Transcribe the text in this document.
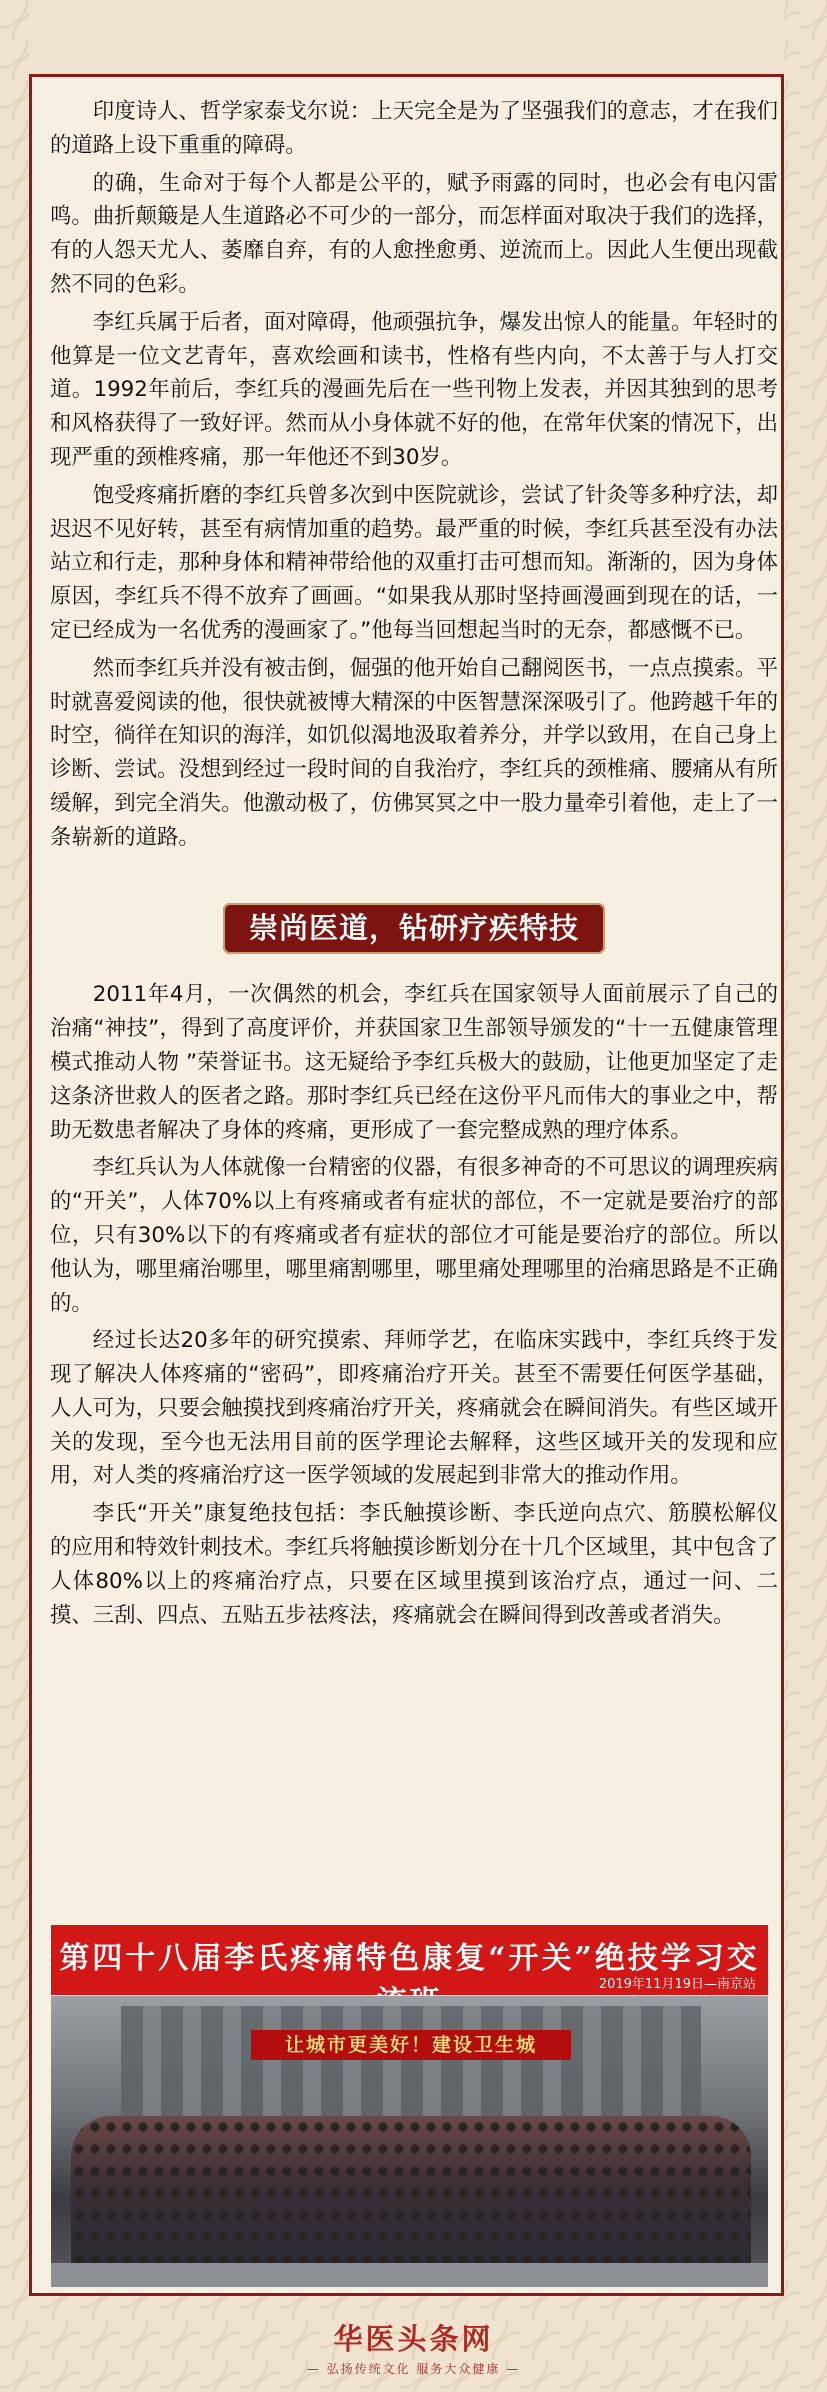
印度诗人、哲学家泰戈尔说：上天完全是为了坚强我们的意志，才在我们的道路上设下重重的障碍。

的确，生命对于每个人都是公平的，赋予雨露的同时，也必会有电闪雷鸣。曲折颠簸是人生道路必不可少的一部分，而怎样面对取决于我们的选择，有的人怨天尤人、萎靡自弃，有的人愈挫愈勇、逆流而上。因此人生便出现截然不同的色彩。

李红兵属于后者，面对障碍，他顽强抗争，爆发出惊人的能量。年轻时的他算是一位文艺青年，喜欢绘画和读书，性格有些内向，不太善于与人打交道。1992年前后，李红兵的漫画先后在一些刊物上发表，并因其独到的思考和风格获得了一致好评。然而从小身体就不好的他，在常年伏案的情况下，出现严重的颈椎疼痛，那一年他还不到30岁。

饱受疼痛折磨的李红兵曾多次到中医院就诊，尝试了针灸等多种疗法，却迟迟不见好转，甚至有病情加重的趋势。最严重的时候，李红兵甚至没有办法站立和行走，那种身体和精神带给他的双重打击可想而知。渐渐的，因为身体原因，李红兵不得不放弃了画画。“如果我从那时坚持画漫画到现在的话，一定已经成为一名优秀的漫画家了。”他每当回想起当时的无奈，都感慨不已。

然而李红兵并没有被击倒，倔强的他开始自己翻阅医书，一点点摸索。平时就喜爱阅读的他，很快就被博大精深的中医智慧深深吸引了。他跨越千年的时空，徜徉在知识的海洋，如饥似渴地汲取着养分，并学以致用，在自己身上诊断、尝试。没想到经过一段时间的自我治疗，李红兵的颈椎痛、腰痛从有所缓解，到完全消失。他激动极了，仿佛冥冥之中一股力量牵引着他，走上了一条崭新的道路。

崇尚医道，钻研疗疾特技

2011年4月，一次偶然的机会，李红兵在国家领导人面前展示了自己的治痛“神技”，得到了高度评价，并获国家卫生部领导颁发的“十一五健康管理模式推动人物 ”荣誉证书。这无疑给予李红兵极大的鼓励，让他更加坚定了走这条济世救人的医者之路。那时李红兵已经在这份平凡而伟大的事业之中，帮助无数患者解决了身体的疼痛，更形成了一套完整成熟的理疗体系。

李红兵认为人体就像一台精密的仪器，有很多神奇的不可思议的调理疾病的“开关”，人体70%以上有疼痛或者有症状的部位，不一定就是要治疗的部位，只有30%以下的有疼痛或者有症状的部位才可能是要治疗的部位。所以他认为，哪里痛治哪里，哪里痛割哪里，哪里痛处理哪里的治痛思路是不正确的。

经过长达20多年的研究摸索、拜师学艺，在临床实践中，李红兵终于发现了解决人体疼痛的“密码”，即疼痛治疗开关。甚至不需要任何医学基础，人人可为，只要会触摸找到疼痛治疗开关，疼痛就会在瞬间消失。有些区域开关的发现，至今也无法用目前的医学理论去解释，这些区域开关的发现和应用，对人类的疼痛治疗这一医学领域的发展起到非常大的推动作用。

李氏“开关”康复绝技包括：李氏触摸诊断、李氏逆向点穴、筋膜松解仪的应用和特效针刺技术。李红兵将触摸诊断划分在十几个区域里，其中包含了人体80%以上的疼痛治疗点，只要在区域里摸到该治疗点，通过一问、二摸、三刮、四点、五贴五步祛疼法，疼痛就会在瞬间得到改善或者消失。

第四十八届李氏疼痛特色康复“开关”绝技学习交
2019年11月19日—南京站
让城市更美好！建设卫生城
华医头条网
— 弘扬传统文化 服务大众健康 —
